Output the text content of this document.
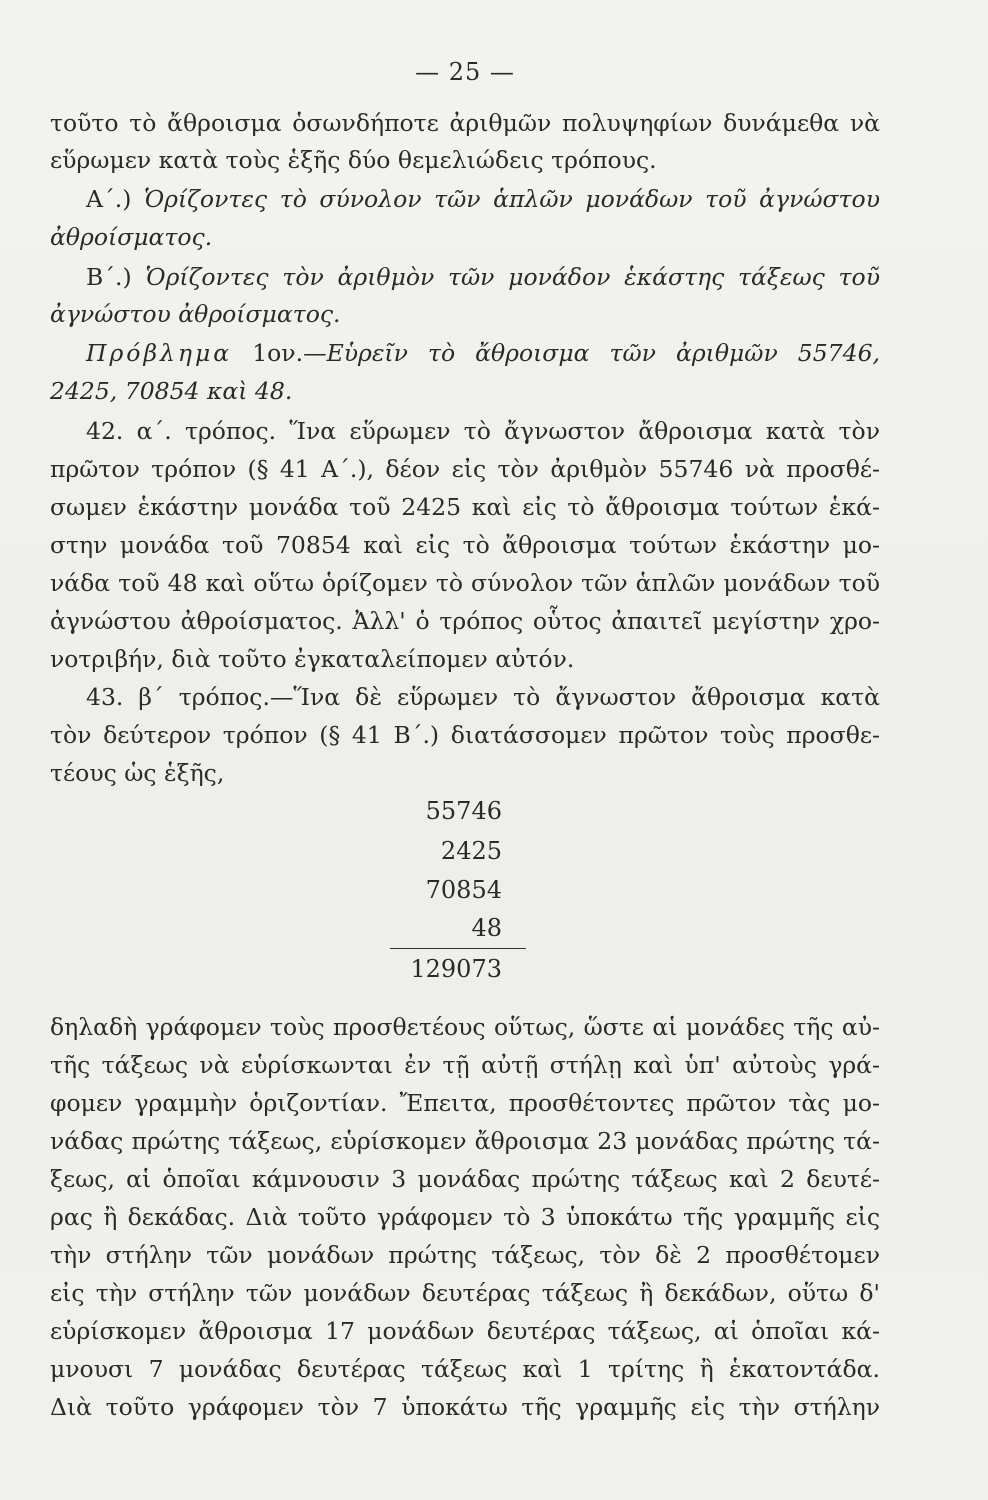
— 25 —
τοῦτο τὸ ἄθροισμα ὁσωνδήποτε ἀριθμῶν πολυψηφίων δυνάμεθα νὰ
εὕρωμεν κατὰ τοὺς ἑξῆς δύο θεμελιώδεις τρόπους.
Α΄.) Ὁρίζοντες τὸ σύνολον τῶν ἁπλῶν μονάδων τοῦ ἀγνώστου
ἀθροίσματος.
Β΄.) Ὁρίζοντες τὸν ἀριθμὸν τῶν μονάδον ἑκάστης τάξεως τοῦ
ἀγνώστου ἀθροίσματος.
Πρόβλημα 1ον.—Εὑρεῖν τὸ ἄθροισμα τῶν ἀριθμῶν 55746,
2425, 70854 καὶ 48.
42. α΄. τρόπος. Ἵνα εὕρωμεν τὸ ἄγνωστον ἄθροισμα κατὰ τὸν
πρῶτον τρόπον (§ 41 Α΄.), δέον εἰς τὸν ἀριθμὸν 55746 νὰ προσθέ-
σωμεν ἑκάστην μονάδα τοῦ 2425 καὶ εἰς τὸ ἄθροισμα τούτων ἑκά-
στην μονάδα τοῦ 70854 καὶ εἰς τὸ ἄθροισμα τούτων ἑκάστην μο-
νάδα τοῦ 48 καὶ οὕτω ὁρίζομεν τὸ σύνολον τῶν ἁπλῶν μονάδων τοῦ
ἀγνώστου ἀθροίσματος. Ἀλλ' ὁ τρόπος οὗτος ἀπαιτεῖ μεγίστην χρο-
νοτριβήν, διὰ τοῦτο ἐγκαταλείπομεν αὐτόν.
43. β΄ τρόπος.—Ἵνα δὲ εὕρωμεν τὸ ἄγνωστον ἄθροισμα κατὰ
τὸν δεύτερον τρόπον (§ 41 Β΄.) διατάσσομεν πρῶτον τοὺς προσθε-
τέους ὡς ἑξῆς,
55746
2425
70854
48
129073
δηλαδὴ γράφομεν τοὺς προσθετέους οὕτως, ὥστε αἱ μονάδες τῆς αὐ-
τῆς τάξεως νὰ εὑρίσκωνται ἐν τῇ αὐτῇ στήλῃ καὶ ὑπ' αὐτοὺς γρά-
φομεν γραμμὴν ὁριζοντίαν. Ἔπειτα, προσθέτοντες πρῶτον τὰς μο-
νάδας πρώτης τάξεως, εὑρίσκομεν ἄθροισμα 23 μονάδας πρώτης τά-
ξεως, αἱ ὁποῖαι κάμνουσιν 3 μονάδας πρώτης τάξεως καὶ 2 δευτέ-
ρας ἢ δεκάδας. Διὰ τοῦτο γράφομεν τὸ 3 ὑποκάτω τῆς γραμμῆς εἰς
τὴν στήλην τῶν μονάδων πρώτης τάξεως, τὸν δὲ 2 προσθέτομεν
εἰς τὴν στήλην τῶν μονάδων δευτέρας τάξεως ἢ δεκάδων, οὕτω δ'
εὑρίσκομεν ἄθροισμα 17 μονάδων δευτέρας τάξεως, αἱ ὁποῖαι κά-
μνουσι 7 μονάδας δευτέρας τάξεως καὶ 1 τρίτης ἢ ἑκατοντάδα.
Διὰ τοῦτο γράφομεν τὸν 7 ὑποκάτω τῆς γραμμῆς εἰς τὴν στήλην
